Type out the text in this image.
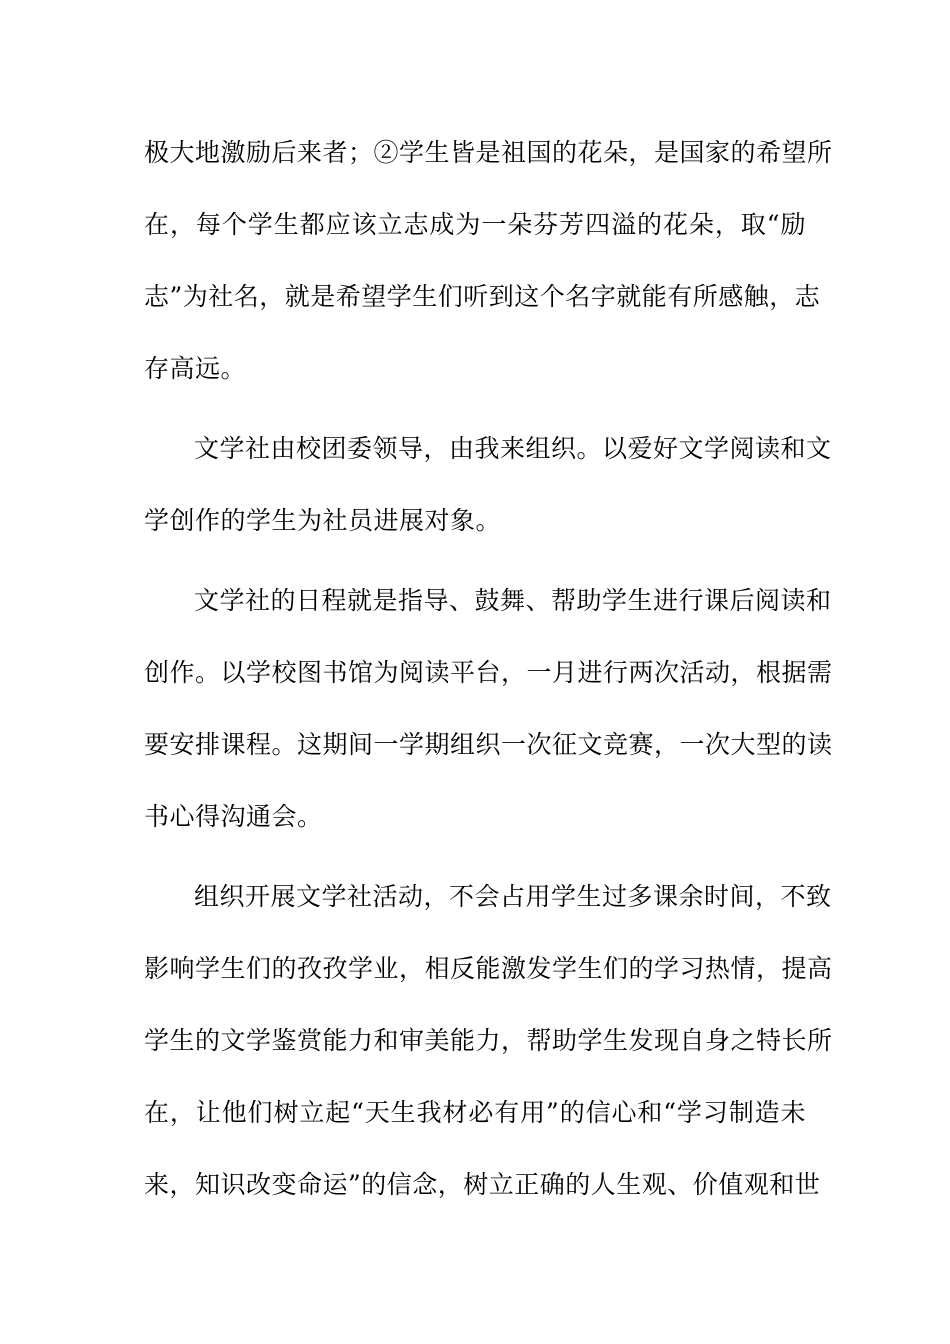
极大地激励后来者；②学生皆是祖国的花朵，是国家的希望所
在，每个学生都应该立志成为一朵芬芳四溢的花朵，取“励
志”为社名，就是希望学生们听到这个名字就能有所感触，志
存高远。
文学社由校团委领导，由我来组织。以爱好文学阅读和文
学创作的学生为社员进展对象。
文学社的日程就是指导、鼓舞、帮助学生进行课后阅读和
创作。以学校图书馆为阅读平台，一月进行两次活动，根据需
要安排课程。这期间一学期组织一次征文竞赛，一次大型的读
书心得沟通会。
组织开展文学社活动，不会占用学生过多课余时间，不致
影响学生们的孜孜学业，相反能激发学生们的学习热情，提高
学生的文学鉴赏能力和审美能力，帮助学生发现自身之特长所
在，让他们树立起“天生我材必有用”的信心和“学习制造未
来，知识改变命运”的信念，树立正确的人生观、价值观和世
